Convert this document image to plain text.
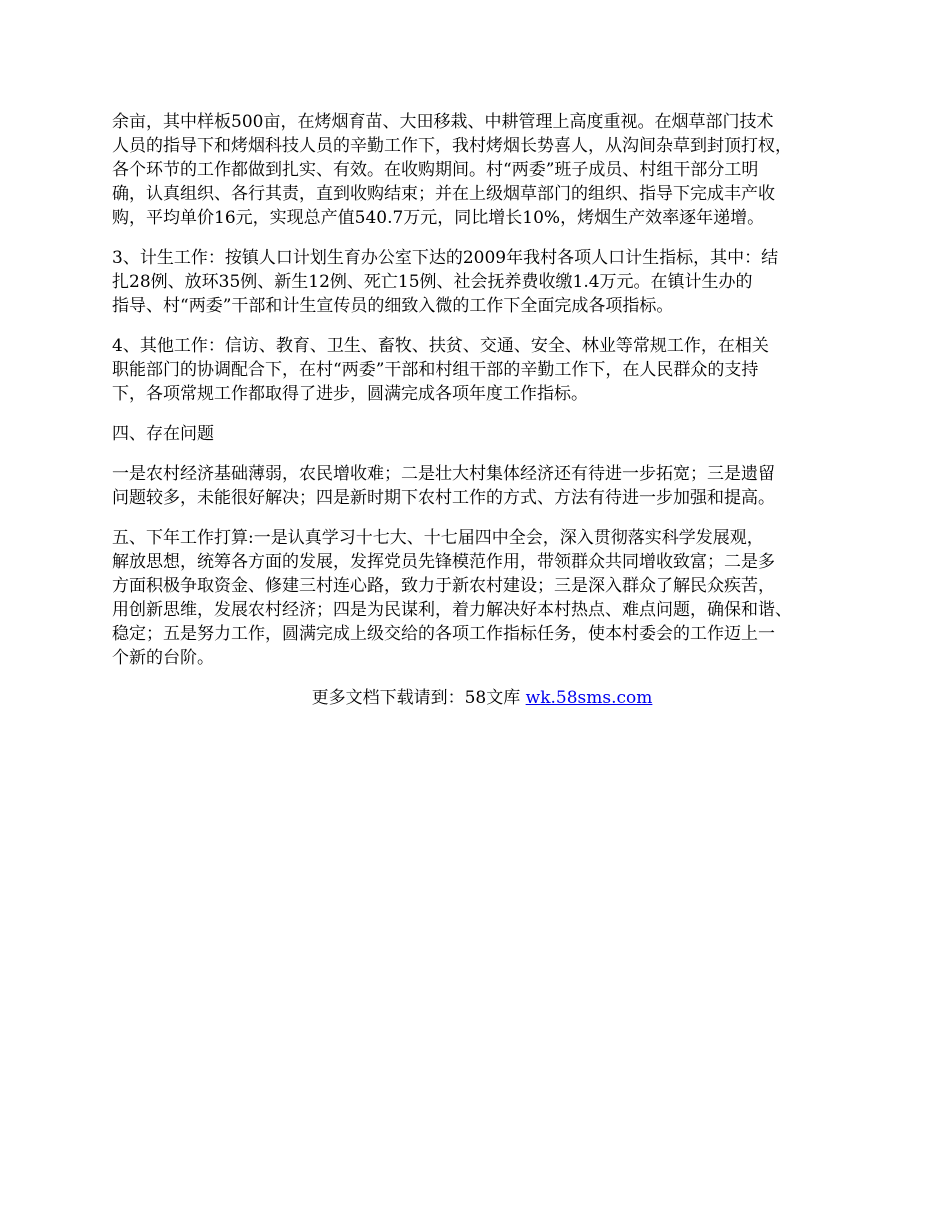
余亩，其中样板500亩，在烤烟育苗、大田移栽、中耕管理上高度重视。在烟草部门技术
人员的指导下和烤烟科技人员的辛勤工作下，我村烤烟长势喜人，从沟间杂草到封顶打杈，
各个环节的工作都做到扎实、有效。在收购期间。村“两委”班子成员、村组干部分工明
确，认真组织、各行其责，直到收购结束；并在上级烟草部门的组织、指导下完成丰产收
购，平均单价16元，实现总产值540.7万元，同比增长10%，烤烟生产效率逐年递增。

3、计生工作：按镇人口计划生育办公室下达的2009年我村各项人口计生指标，其中：结
扎28例、放环35例、新生12例、死亡15例、社会抚养费收缴1.4万元。在镇计生办的
指导、村“两委”干部和计生宣传员的细致入微的工作下全面完成各项指标。

4、其他工作：信访、教育、卫生、畜牧、扶贫、交通、安全、林业等常规工作，在相关
职能部门的协调配合下，在村“两委”干部和村组干部的辛勤工作下，在人民群众的支持
下，各项常规工作都取得了进步，圆满完成各项年度工作指标。

四、存在问题

一是农村经济基础薄弱，农民增收难；二是壮大村集体经济还有待进一步拓宽；三是遗留
问题较多，未能很好解决；四是新时期下农村工作的方式、方法有待进一步加强和提高。

五、下年工作打算:一是认真学习十七大、十七届四中全会，深入贯彻落实科学发展观，
解放思想，统筹各方面的发展，发挥党员先锋模范作用，带领群众共同增收致富；二是多
方面积极争取资金、修建三村连心路，致力于新农村建设；三是深入群众了解民众疾苦，
用创新思维，发展农村经济；四是为民谋利，着力解决好本村热点、难点问题，确保和谐、
稳定；五是努力工作，圆满完成上级交给的各项工作指标任务，使本村委会的工作迈上一
个新的台阶。

更多文档下载请到：58文库 wk.58sms.com
